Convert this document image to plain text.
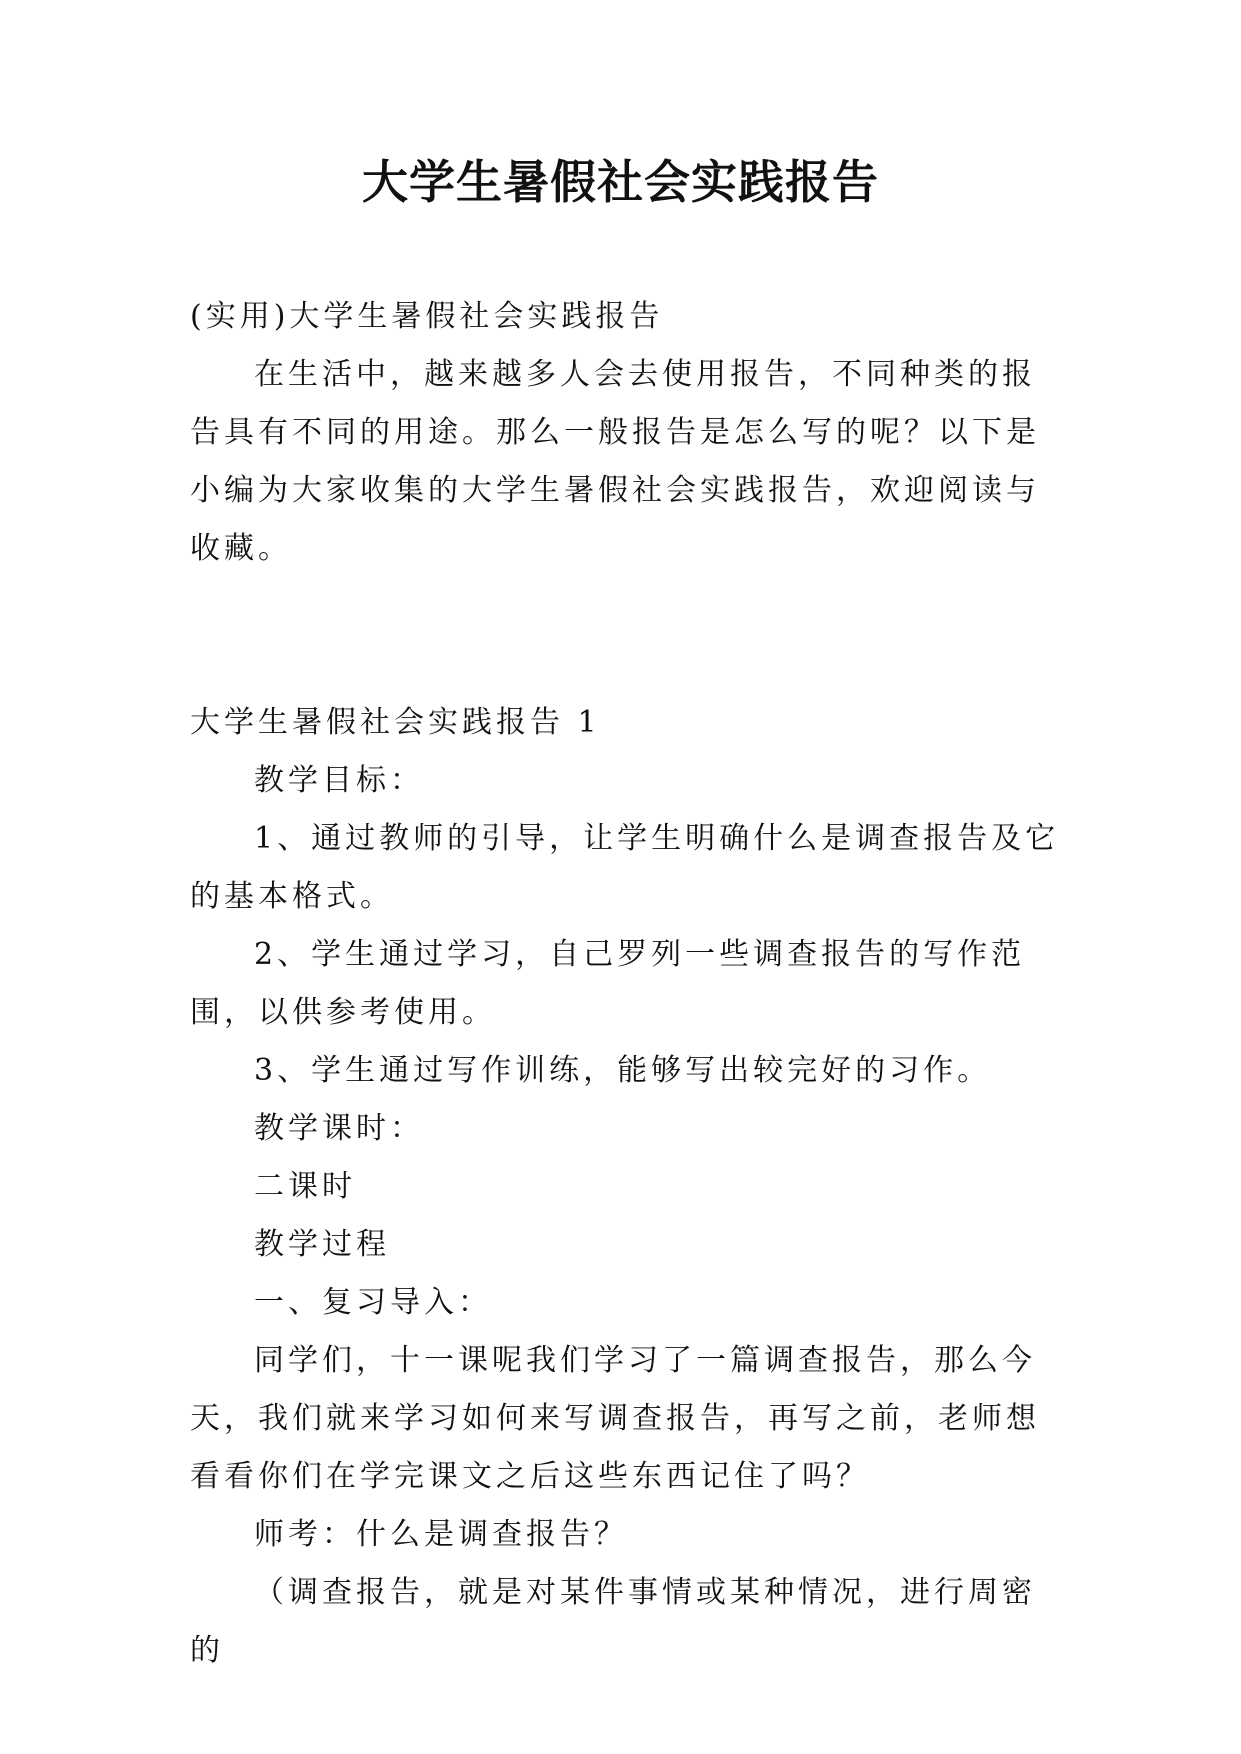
大学生暑假社会实践报告

(实用)大学生暑假社会实践报告

在生活中，越来越多人会去使用报告，不同种类的报告具有不同的用途。那么一般报告是怎么写的呢？以下是小编为大家收集的大学生暑假社会实践报告，欢迎阅读与收藏。

大学生暑假社会实践报告 1

教学目标：

1、通过教师的引导，让学生明确什么是调查报告及它的基本格式。

2、学生通过学习，自己罗列一些调查报告的写作范围，以供参考使用。

3、学生通过写作训练，能够写出较完好的习作。

教学课时：

二课时

教学过程

一、复习导入：

同学们，十一课呢我们学习了一篇调查报告，那么今天，我们就来学习如何来写调查报告，再写之前，老师想看看你们在学完课文之后这些东西记住了吗？

师考：什么是调查报告？

（调查报告，就是对某件事情或某种情况，进行周密的
